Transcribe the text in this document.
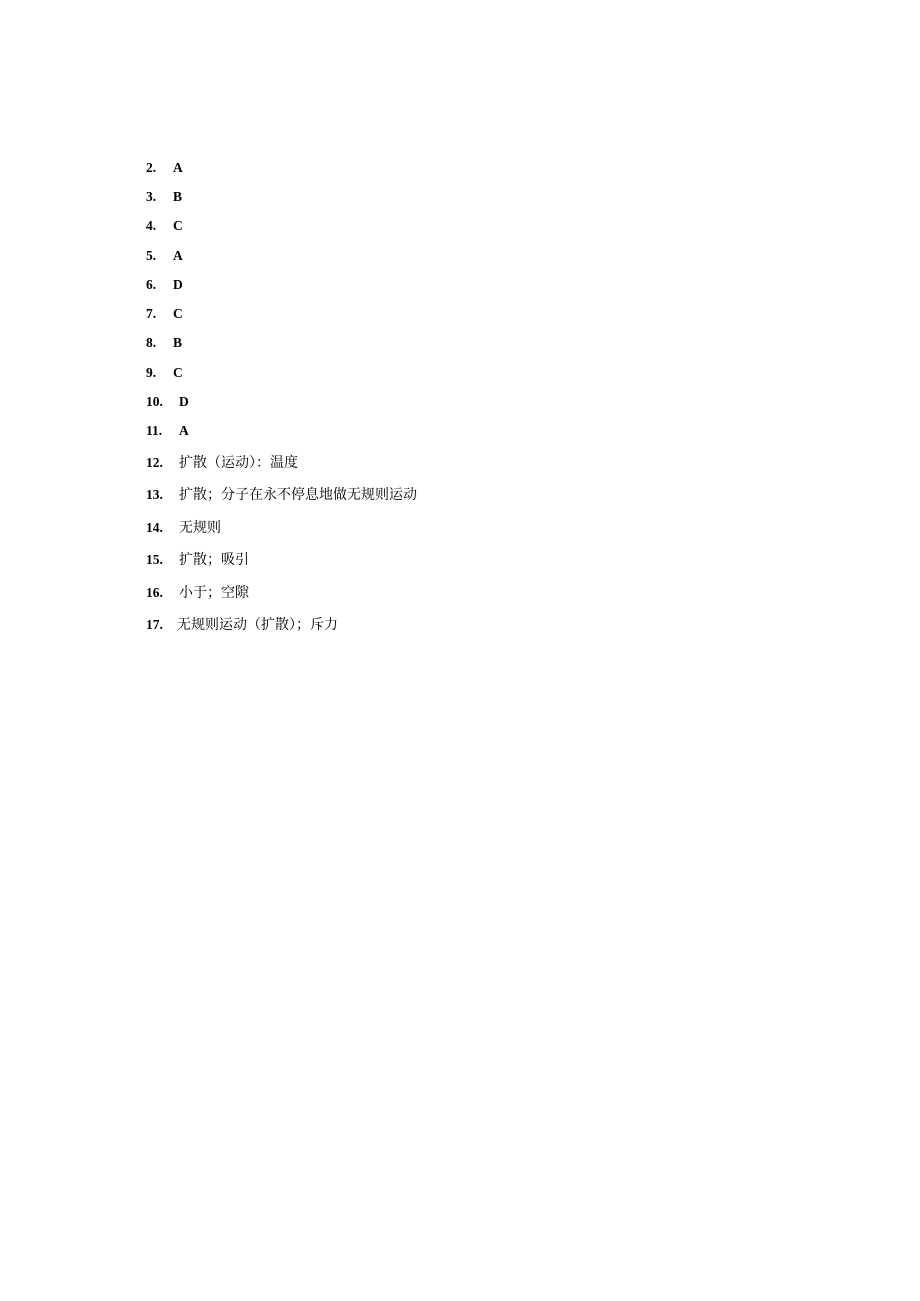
2. A
3. B
4. C
5. A
6. D
7. C
8. B
9. C
10. D
11. A
12. 扩散（运动）：温度
13. 扩散；分子在永不停息地做无规则运动
14. 无规则
15. 扩散；吸引
16. 小于；空隙
17. 无规则运动（扩散）；斥力
